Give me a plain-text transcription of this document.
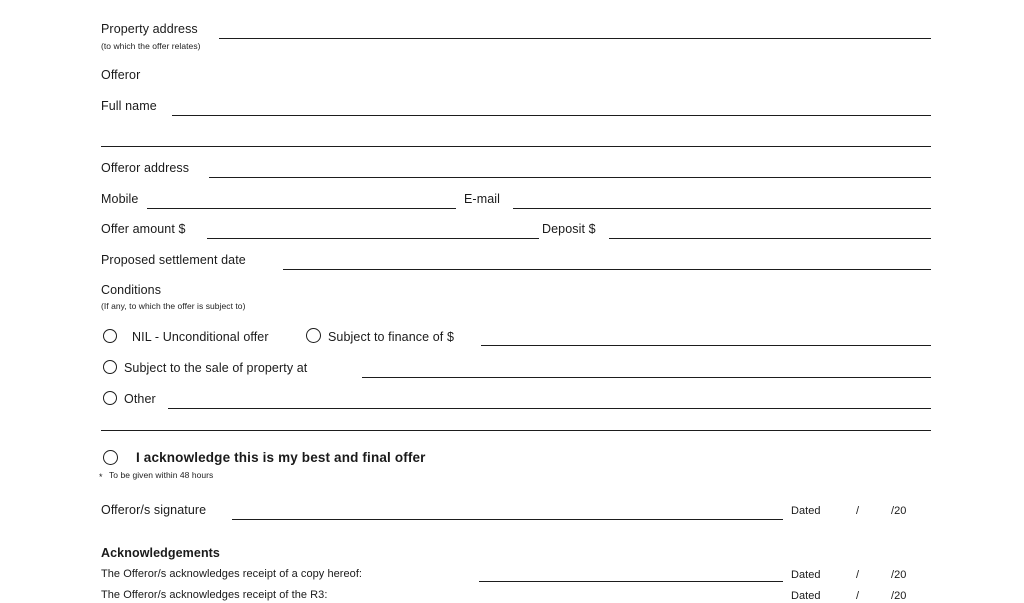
Property address
(to which the offer relates)
Offeror
Full name
Offeror address
Mobile	E-mail
Offer amount $	Deposit $
Proposed settlement date
Conditions
(If any, to which the offer is subject to)
NIL - Unconditional offer	Subject to finance of $
Subject to the sale of property at
Other
I acknowledge this is my best and final offer
* To be given within 48 hours
Offeror/s signature	Dated	/	/20
Acknowledgements
The Offeror/s acknowledges receipt of a copy hereof:	Dated	/	/20
The Offeror/s acknowledges receipt of the R3:	Dated	/	/20
